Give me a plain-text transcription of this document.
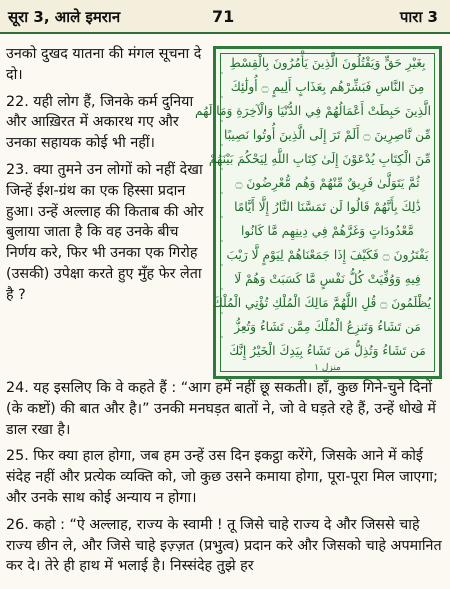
सूरा 3, आले इमरान	71	पारा 3

उनको दुखद यातना की मंगल सूचना दे दो।

22. यही लोग हैं, जिनके कर्म दुनिया और आख़िरत में अकारथ गए और उनका सहायक कोई भी नहीं।

23. क्या तुमने उन लोगों को नहीं देखा जिन्हें ईश-ग्रंथ का एक हिस्सा प्रदान हुआ। उन्हें अल्लाह की किताब की ओर बुलाया जाता है कि वह उनके बीच निर्णय करे, फिर भी उनका एक गिरोह (उसकी) उपेक्षा करते हुए मुँह फेर लेता है ?

بِغَيْرِ حَقٍّ وَيَقْتُلُونَ الَّذِينَ يَأْمُرُونَ بِالْقِسْطِ
مِنَ النَّاسِ فَبَشِّرْهُم بِعَذَابٍ أَلِيمٍ ۝ أُولَٰئِكَ
الَّذِينَ حَبِطَتْ أَعْمَالُهُمْ فِي الدُّنْيَا وَالْآخِرَةِ وَمَا لَهُم
مِّن نَّاصِرِينَ ۝ أَلَمْ تَرَ إِلَى الَّذِينَ أُوتُوا نَصِيبًا
مِّنَ الْكِتَابِ يُدْعَوْنَ إِلَىٰ كِتَابِ اللَّهِ لِيَحْكُمَ بَيْنَهُمْ
ثُمَّ يَتَوَلَّىٰ فَرِيقٌ مِّنْهُمْ وَهُم مُّعْرِضُونَ ۝
ذَٰلِكَ بِأَنَّهُمْ قَالُوا لَن تَمَسَّنَا النَّارُ إِلَّا أَيَّامًا
مَّعْدُودَاتٍ وَغَرَّهُمْ فِي دِينِهِم مَّا كَانُوا
يَفْتَرُونَ ۝ فَكَيْفَ إِذَا جَمَعْنَاهُمْ لِيَوْمٍ لَّا رَيْبَ
فِيهِ وَوُفِّيَتْ كُلُّ نَفْسٍ مَّا كَسَبَتْ وَهُمْ لَا
يُظْلَمُونَ ۝ قُلِ اللَّهُمَّ مَالِكَ الْمُلْكِ تُؤْتِي الْمُلْكَ
مَن تَشَاءُ وَتَنزِعُ الْمُلْكَ مِمَّن تَشَاءُ وَتُعِزُّ
مَن تَشَاءُ وَتُذِلُّ مَن تَشَاءُ بِيَدِكَ الْخَيْرُ إِنَّكَ
منزل ١

24. यह इसलिए कि वे कहते हैं : “आग हमें नहीं छू सकती। हाँ, कुछ गिने-चुने दिनों (के कष्टों) की बात और है।” उनकी मनघड़त बातों ने, जो वे घड़ते रहे हैं, उन्हें धोखे में डाल रखा है।

25. फिर क्या हाल होगा, जब हम उन्हें उस दिन इकट्ठा करेंगे, जिसके आने में कोई संदेह नहीं और प्रत्येक व्यक्ति को, जो कुछ उसने कमाया होगा, पूरा-पूरा मिल जाएगा; और उनके साथ कोई अन्याय न होगा।

26. कहो : “ऐ अल्लाह, राज्य के स्वामी ! तू जिसे चाहे राज्य दे और जिससे चाहे राज्य छीन ले, और जिसे चाहे इज़्ज़त (प्रभुत्व) प्रदान करे और जिसको चाहे अपमानित कर दे। तेरे ही हाथ में भलाई है। निस्संदेह तुझे हर
